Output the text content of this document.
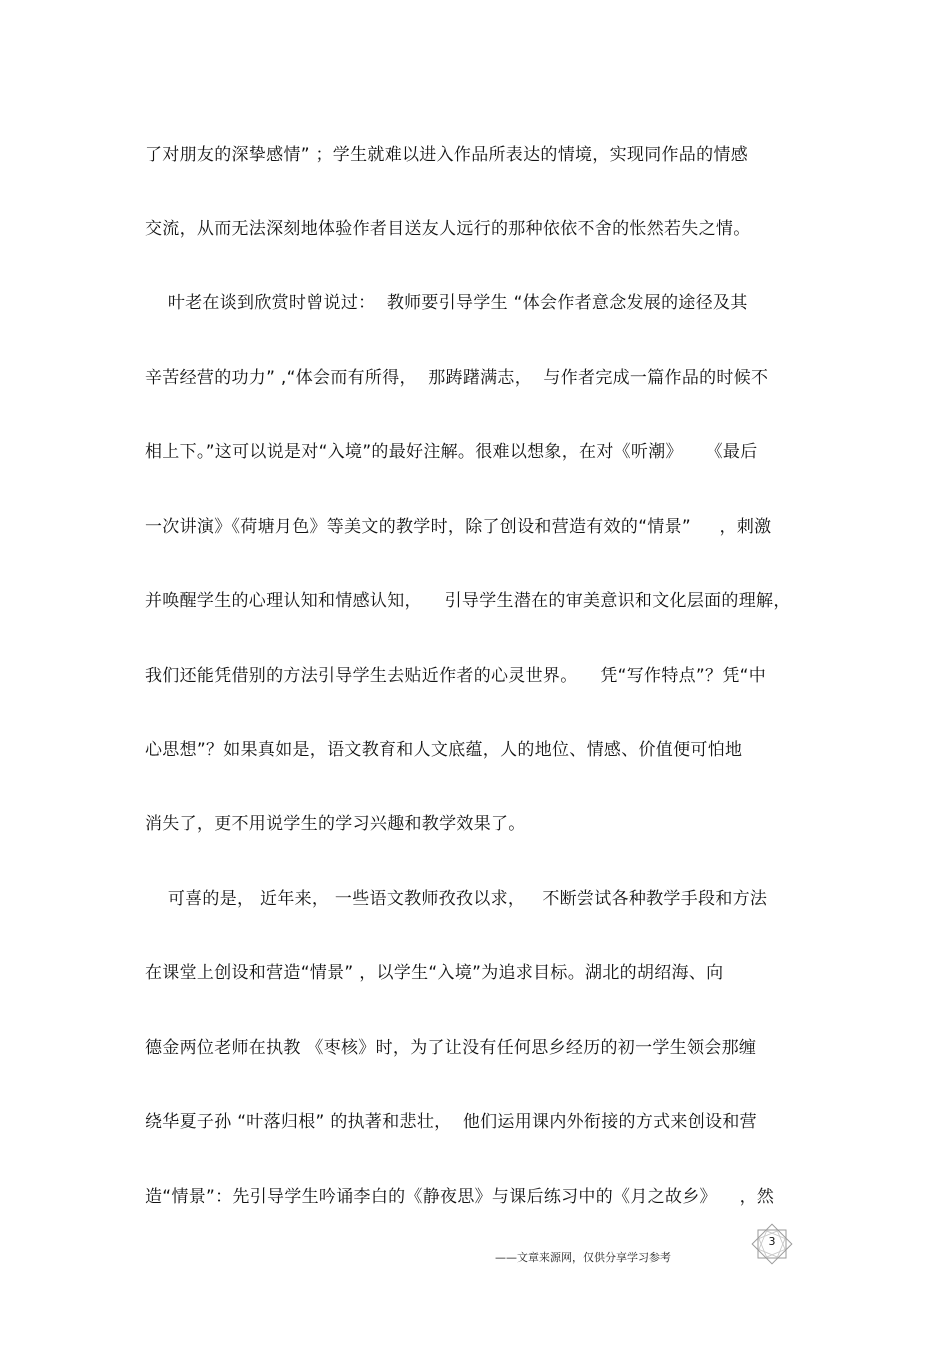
了对朋友的深挚感情” ；学生就难以进入作品所表达的情境，实现同作品的情感
交流，从而无法深刻地体验作者目送友人远行的那种依依不舍的怅然若失之情。
叶老在谈到欣赏时曾说过：  教师要引导学生 “体会作者意念发展的途径及其
辛苦经营的功力” ,“体会而有所得，  那踌躇满志，  与作者完成一篇作品的时候不
相上下。”这可以说是对“入境”的最好注解。很难以想象，在对《听潮》    《最后
一次讲演》《荷塘月色》等美文的教学时，除了创设和营造有效的“情景”     ，刺激
并唤醒学生的心理认知和情感认知，    引导学生潜在的审美意识和文化层面的理解，
我们还能凭借别的方法引导学生去贴近作者的心灵世界。    凭“写作特点”？凭“中
心思想”？如果真如是，语文教育和人文底蕴，人的地位、情感、价值便可怕地
消失了，更不用说学生的学习兴趣和教学效果了。
可喜的是， 近年来， 一些语文教师孜孜以求，   不断尝试各种教学手段和方法
在课堂上创设和营造“情景” ，以学生“入境”为追求目标。湖北的胡绍海、向
德金两位老师在执教 《枣核》时，为了让没有任何思乡经历的初一学生领会那缠
绕华夏子孙 “叶落归根” 的执著和悲壮，  他们运用课内外衔接的方式来创设和营
造“情景”：先引导学生吟诵李白的《静夜思》与课后练习中的《月之故乡》    ，然
3
——文章来源网，仅供分享学习参考
